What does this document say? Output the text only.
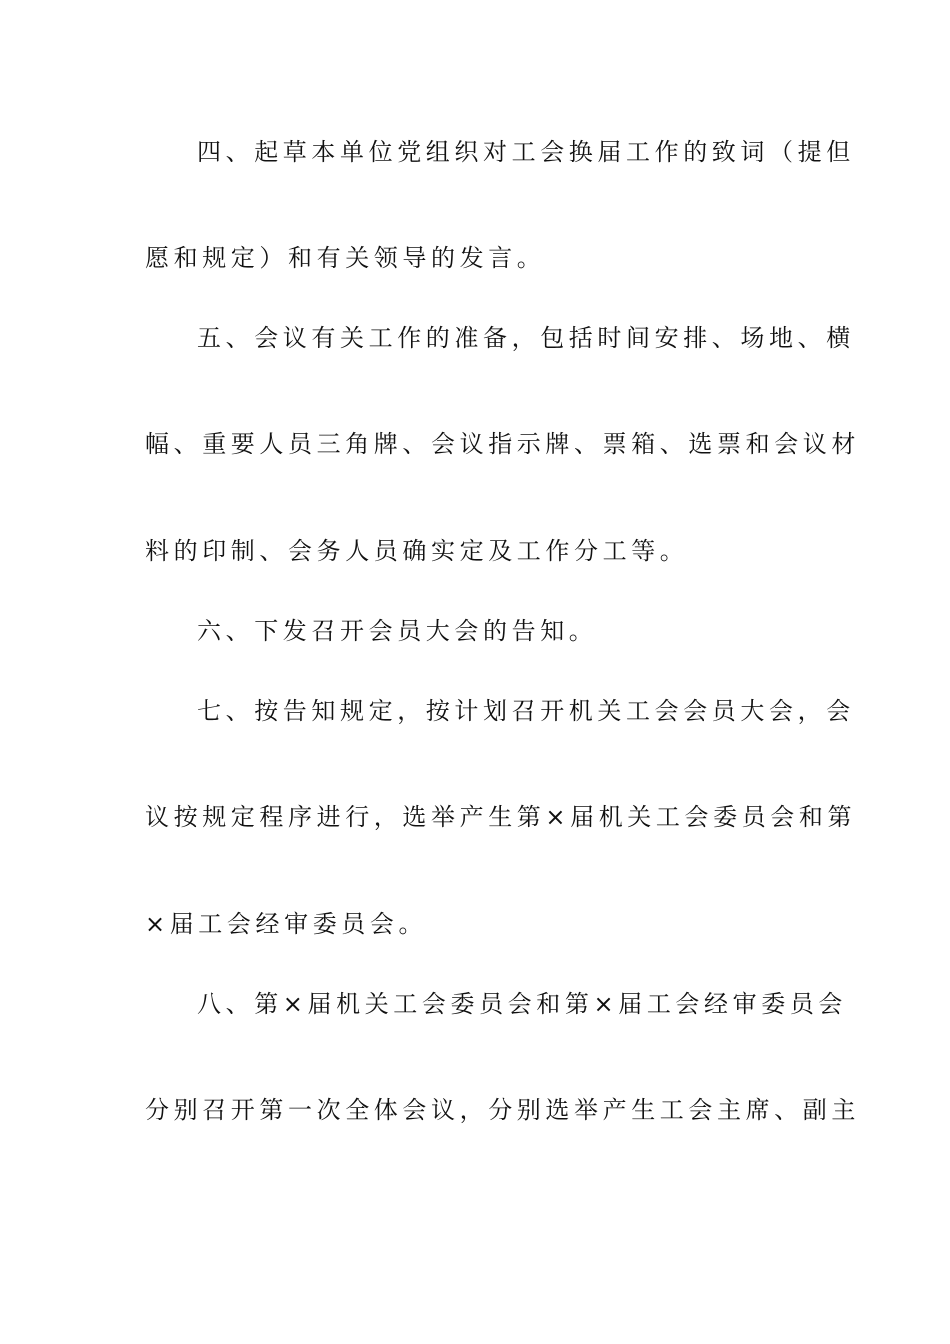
四、起草本单位党组织对工会换届工作的致词（提但
愿和规定）和有关领导的发言。
五、会议有关工作的准备，包括时间安排、场地、横
幅、重要人员三角牌、会议指示牌、票箱、选票和会议材
料的印制、会务人员确实定及工作分工等。
六、下发召开会员大会的告知。
七、按告知规定，按计划召开机关工会会员大会，会
议按规定程序进行，选举产生第×届机关工会委员会和第
×届工会经审委员会。
八、第×届机关工会委员会和第×届工会经审委员会
分别召开第一次全体会议，分别选举产生工会主席、副主
